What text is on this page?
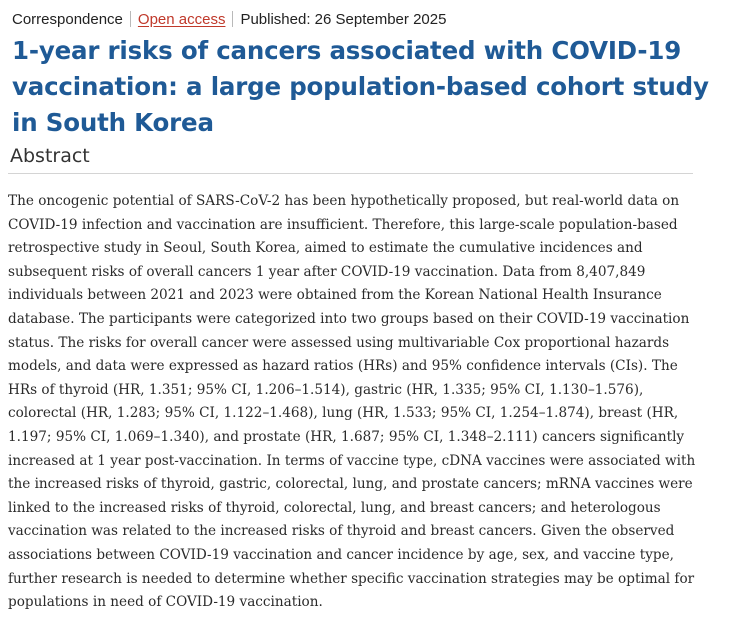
Correspondence Open access Published: 26 September 2025
1-year risks of cancers associated with COVID-19 vaccination: a large population-based cohort study in South Korea
Abstract

The oncogenic potential of SARS-CoV-2 has been hypothetically proposed, but real-world data on COVID-19 infection and vaccination are insufficient. Therefore, this large-scale population-based retrospective study in Seoul, South Korea, aimed to estimate the cumulative incidences and subsequent risks of overall cancers 1 year after COVID-19 vaccination. Data from 8,407,849 individuals between 2021 and 2023 were obtained from the Korean National Health Insurance database. The participants were categorized into two groups based on their COVID-19 vaccination status. The risks for overall cancer were assessed using multivariable Cox proportional hazards models, and data were expressed as hazard ratios (HRs) and 95% confidence intervals (CIs). The HRs of thyroid (HR, 1.351; 95% CI, 1.206–1.514), gastric (HR, 1.335; 95% CI, 1.130–1.576), colorectal (HR, 1.283; 95% CI, 1.122–1.468), lung (HR, 1.533; 95% CI, 1.254–1.874), breast (HR, 1.197; 95% CI, 1.069–1.340), and prostate (HR, 1.687; 95% CI, 1.348–2.111) cancers significantly increased at 1 year post-vaccination. In terms of vaccine type, cDNA vaccines were associated with the increased risks of thyroid, gastric, colorectal, lung, and prostate cancers; mRNA vaccines were linked to the increased risks of thyroid, colorectal, lung, and breast cancers; and heterologous vaccination was related to the increased risks of thyroid and breast cancers. Given the observed associations between COVID-19 vaccination and cancer incidence by age, sex, and vaccine type, further research is needed to determine whether specific vaccination strategies may be optimal for populations in need of COVID-19 vaccination.
